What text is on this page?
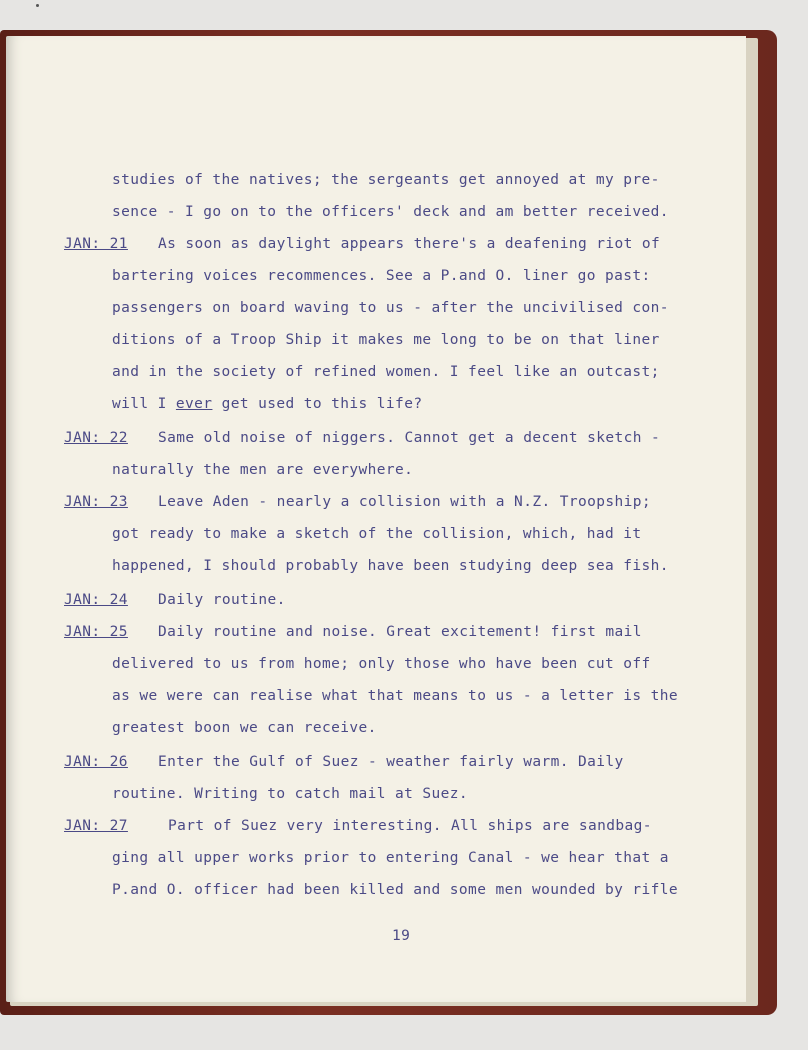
studies of the natives; the sergeants get annoyed at my pre-
sence - I go on to the officers' deck and am better received.
JAN: 21 As soon as daylight appears there's a deafening riot of
bartering voices recommences. See a P.and O. liner go past:
passengers on board waving to us - after the uncivilised con-
ditions of a Troop Ship it makes me long to be on that liner
and in the society of refined women. I feel like an outcast;
will I ever get used to this life?
JAN: 22 Same old noise of niggers. Cannot get a decent sketch -
naturally the men are everywhere.
JAN: 23 Leave Aden - nearly a collision with a N.Z. Troopship;
got ready to make a sketch of the collision, which, had it
happened, I should probably have been studying deep sea fish.
JAN: 24 Daily routine.
JAN: 25 Daily routine and noise. Great excitement! first mail
delivered to us from home; only those who have been cut off
as we were can realise what that means to us - a letter is the
greatest boon we can receive.
JAN: 26 Enter the Gulf of Suez - weather fairly warm. Daily
routine. Writing to catch mail at Suez.
JAN: 27	Part of Suez very interesting. All ships are sandbag-
ging all upper works prior to entering Canal - we hear that a
P.and O. officer had been killed and some men wounded by rifle
19
